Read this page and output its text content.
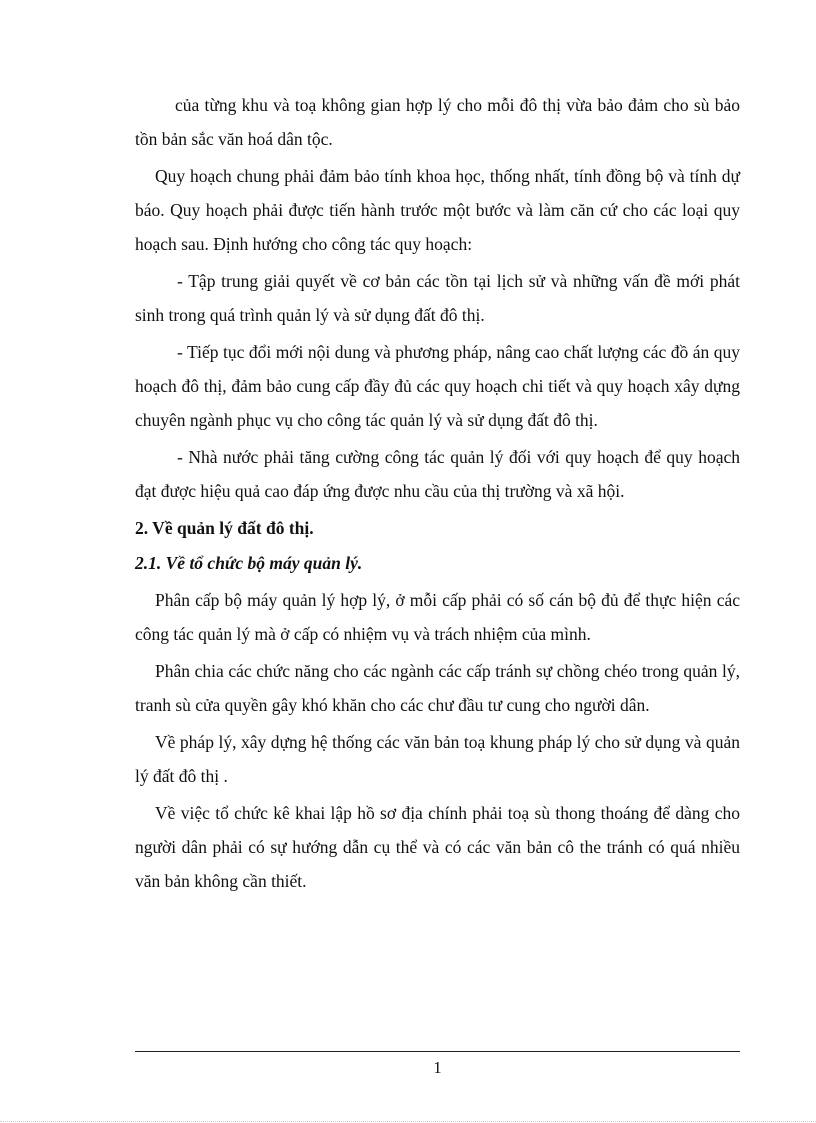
của từng khu và toạ không gian hợp lý cho mỗi đô thị vừa bảo đảm cho sù bảo tồn bản sắc văn hoá dân tộc.

Quy hoạch chung phải đảm bảo tính khoa học, thống nhất, tính đồng bộ và tính dự báo. Quy hoạch phải được tiến hành trước một bước và làm căn cứ cho các loại quy hoạch sau. Định hướng cho công tác quy hoạch:

- Tập trung giải quyết về cơ bản các tồn tại lịch sử và những vấn đề mới phát sinh trong quá trình quản lý và sử dụng đất đô thị.

- Tiếp tục đổi mới nội dung và phương pháp, nâng cao chất lượng các đồ án quy hoạch đô thị, đảm bảo cung cấp đầy đủ các quy hoạch chi tiết và quy hoạch xây dựng chuyên ngành phục vụ cho công tác quản lý và sử dụng đất đô thị.

- Nhà nước phải tăng cường công tác quản lý đối với quy hoạch để quy hoạch đạt được hiệu quả cao đáp ứng được nhu cầu của thị trường và xã hội.

2. Về quản lý đất đô thị.
2.1. Về tổ chức bộ máy quản lý.

Phân cấp bộ máy quản lý hợp lý, ở mỗi cấp phải có số cán bộ đủ để thực hiện các công tác quản lý mà ở cấp có nhiệm vụ và trách nhiệm của mình.

Phân chia các chức năng cho các ngành các cấp tránh sự chồng chéo trong quản lý, tranh sù cửa quyền gây khó khăn cho các chư đầu tư cung cho người dân.

Về pháp lý, xây dựng hệ thống các văn bản toạ khung pháp lý cho sử dụng và quản lý đất đô thị .

Về việc tổ chức kê khai lập hồ sơ địa chính phải toạ sù thong thoáng để dàng cho người dân phải có sự hướng dẫn cụ thể và có các văn bản cô the tránh có quá nhiều văn bản không cần thiết.

1
